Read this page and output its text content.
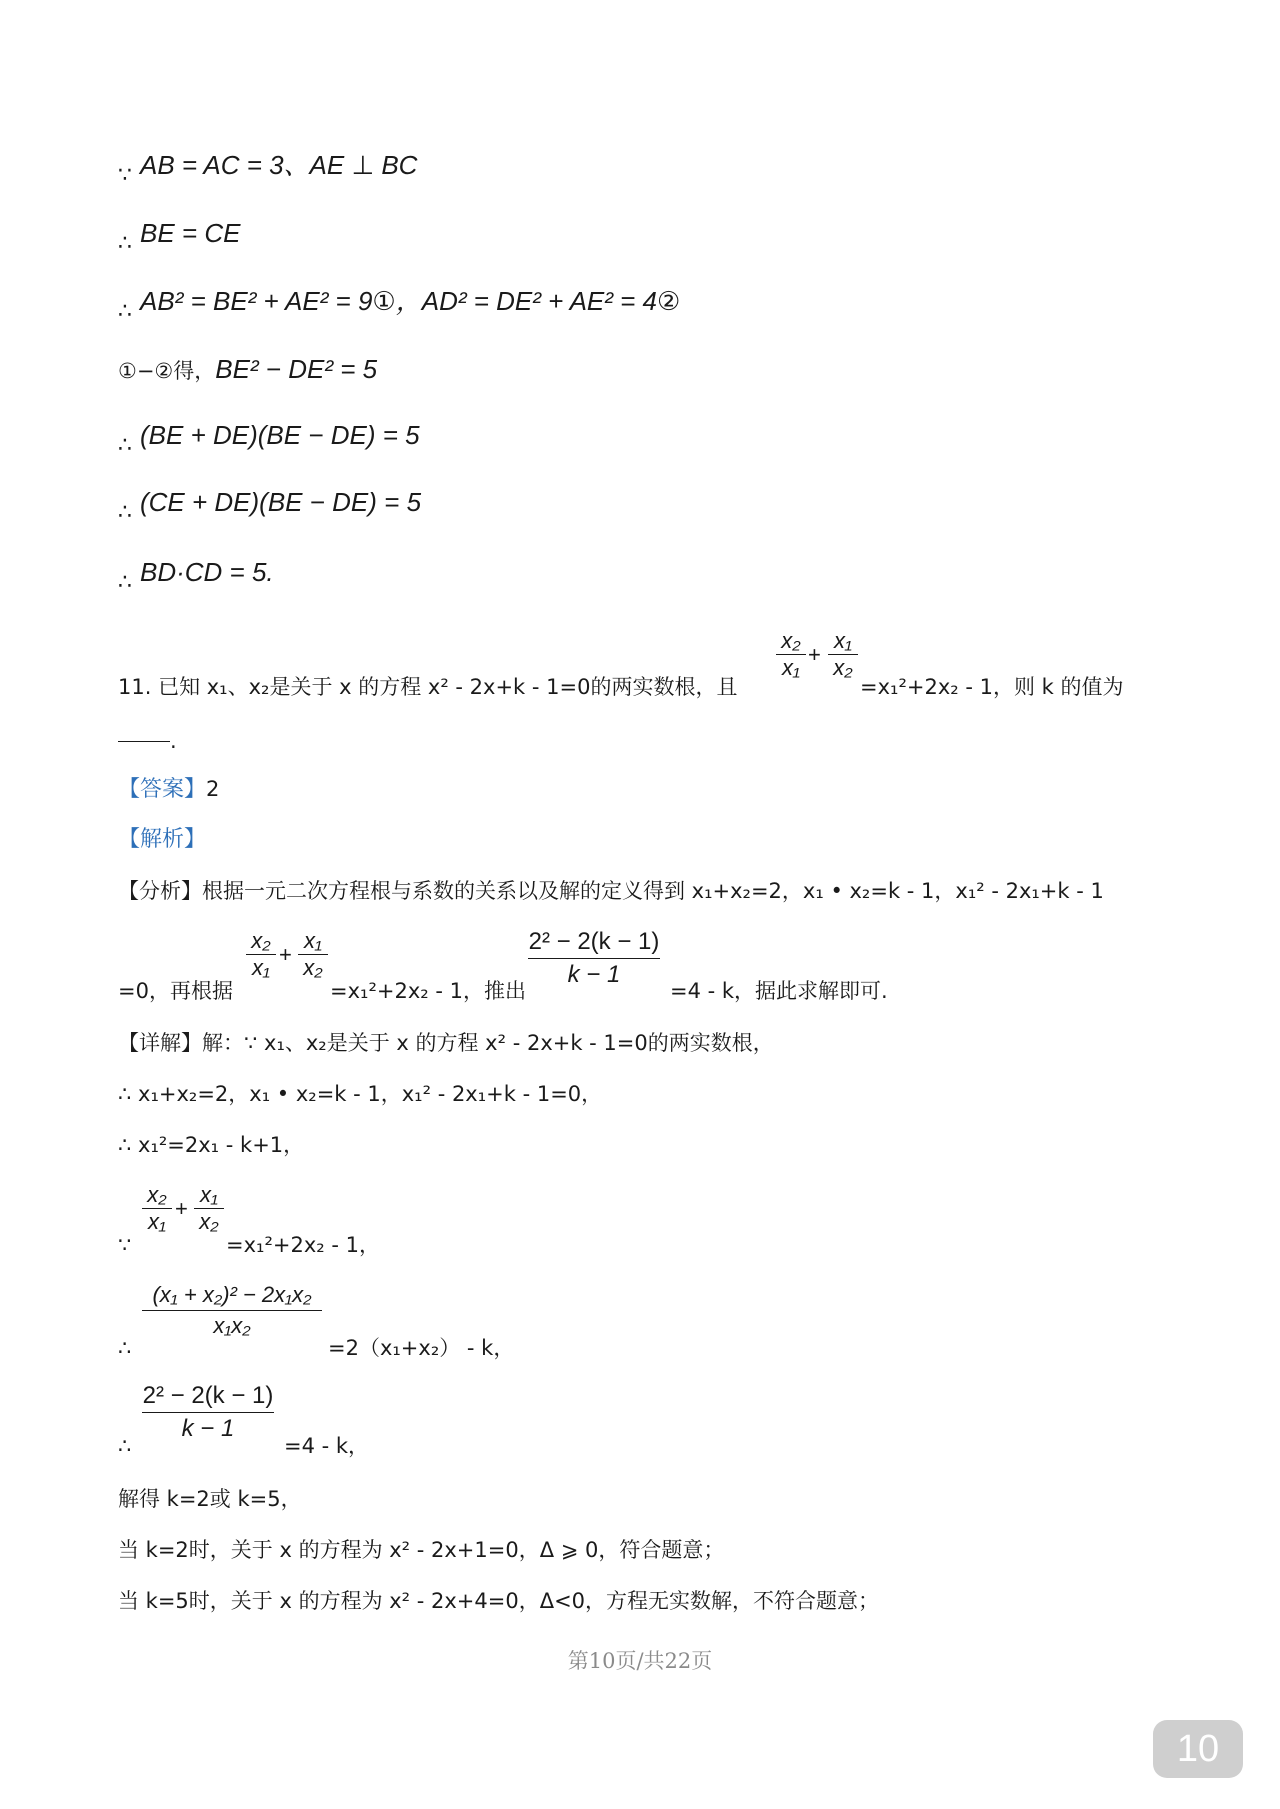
∵ AB = AC = 3、AE ⊥ BC
∴ BE = CE
∴ AB² = BE² + AE² = 9①，AD² = DE² + AE² = 4②
①−②得，BE² − DE² = 5
∴ (BE + DE)(BE − DE) = 5
∴ (CE + DE)(BE − DE) = 5
∴ BD·CD = 5.
11. 已知 x₁、x₂是关于 x 的方程 x² - 2x+k - 1=0的两实数根，且
x₂
x₁
+
x₁
x₂
=x₁²+2x₂ - 1，则 k 的值为
.
【答案】2
【解析】
【分析】根据一元二次方程根与系数的关系以及解的定义得到 x₁+x₂=2，x₁ • x₂=k - 1，x₁² - 2x₁+k - 1
=0，再根据
x₂
x₁
+
x₁
x₂
=x₁²+2x₂ - 1，推出
2² − 2(k − 1)
k − 1
=4 - k，据此求解即可.
【详解】解：∵ x₁、x₂是关于 x 的方程 x² - 2x+k - 1=0的两实数根，
∴ x₁+x₂=2，x₁ • x₂=k - 1，x₁² - 2x₁+k - 1=0，
∴ x₁²=2x₁ - k+1，
∵
x₂
x₁
+
x₁
x₂
=x₁²+2x₂ - 1，
∴
(x₁ + x₂)² − 2x₁x₂
x₁x₂
=2（x₁+x₂） - k，
∴
2² − 2(k − 1)
k − 1
=4 - k，
解得 k=2或 k=5，
当 k=2时，关于 x 的方程为 x² - 2x+1=0，Δ ⩾ 0，符合题意；
当 k=5时，关于 x 的方程为 x² - 2x+4=0，Δ<0，方程无实数解，不符合题意；
第10页/共22页
10
